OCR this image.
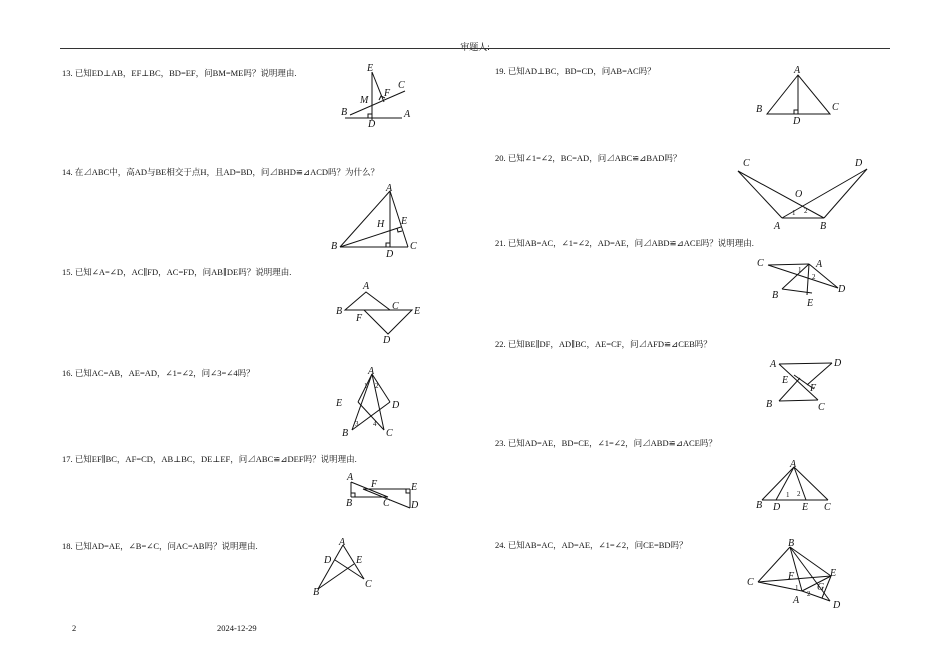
审题人:
13. 已知ED⊥AB，EF⊥BC，BD=EF，问BM=ME吗？说明理由.
14. 在⊿ABC中，高AD与BE相交于点H，且AD=BD，问⊿BHD≌⊿ACD吗？为什么？
15. 已知∠A=∠D，AC∥FD，AC=FD，问AB∥DE吗？说明理由.
16. 已知AC=AB，AE=AD，∠1=∠2，问∠3=∠4吗？
17. 已知EF∥BC，AF=CD，AB⊥BC，DE⊥EF，问⊿ABC≌⊿DEF吗？说明理由.
18. 已知AD=AE，∠B=∠C，问AC=AB吗？说明理由.
19. 已知AD⊥BC，BD=CD，问AB=AC吗？
20. 已知∠1=∠2，BC=AD，问⊿ABC≌⊿BAD吗？
21. 已知AB=AC，∠1=∠2，AD=AE，问⊿ABD≌⊿ACE吗？说明理由.
22. 已知BE∥DF，AD∥BC，AE=CF，问⊿AFD≌⊿CEB吗？
23. 已知AD=AE，BD=CE，∠1=∠2，问⊿ABD≌⊿ACE吗？
24. 已知AB=AC，AD=AE，∠1=∠2，问CE=BD吗？
E
C
F
M
B
D
A
A
H E
B
D
C
A
C
B	E
F
D
A
E	D
B	C
3 4
1 2
A
F	E
B	C D
A
D E
C
B
A
B	C
D
C	D
O
A	B
1 2
C	A
1
2
D
B
E
A	D
E
F
B	C
A
1 2
B D E C
B
E
C
F
G
1
2
A	D
2	2024-12-29
